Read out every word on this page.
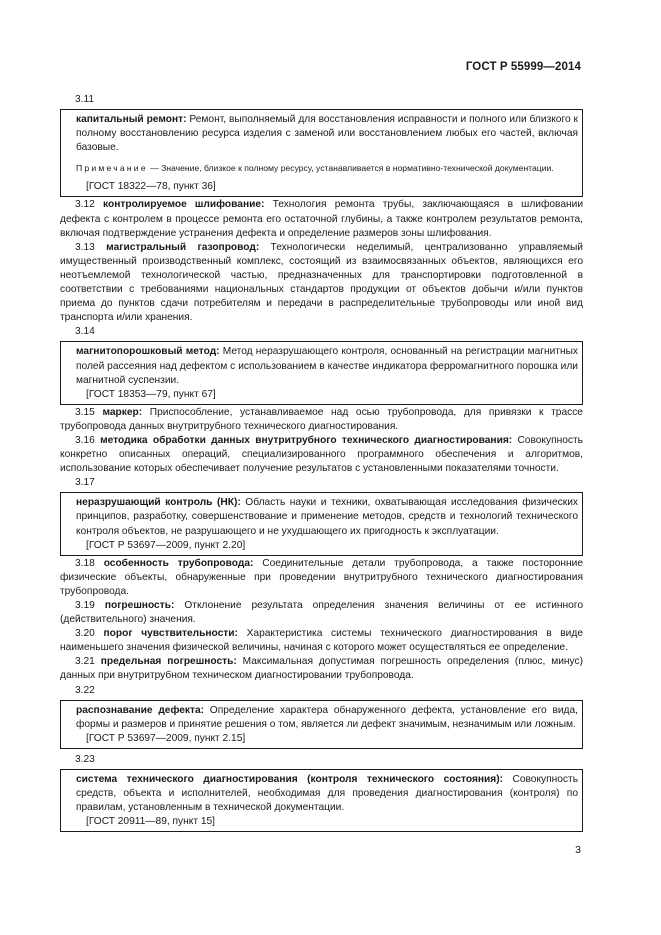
ГОСТ Р 55999—2014
3.11
капитальный ремонт: Ремонт, выполняемый для восстановления исправности и полного или близкого к полному восстановлению ресурса изделия с заменой или восстановлением любых его частей, включая базовые.
Примечание — Значение, близкое к полному ресурсу, устанавливается в нормативно-технической документации.
[ГОСТ 18322—78, пункт 36]
3.12 контролируемое шлифование: Технология ремонта трубы, заключающаяся в шлифовании дефекта с контролем в процессе ремонта его остаточной глубины, а также контролем результатов ремонта, включая подтверждение устранения дефекта и определение размеров зоны шлифования.
3.13 магистральный газопровод: Технологически неделимый, централизованно управляемый имущественный производственный комплекс, состоящий из взаимосвязанных объектов, являющихся его неотъемлемой технологической частью, предназначенных для транспортировки подготовленной в соответствии с требованиями национальных стандартов продукции от объектов добычи и/или пунктов приема до пунктов сдачи потребителям и передачи в распределительные трубопроводы или иной вид транспорта и/или хранения.
3.14
магнитопорошковый метод: Метод неразрушающего контроля, основанный на регистрации магнитных полей рассеяния над дефектом с использованием в качестве индикатора ферромагнитного порошка или магнитной суспензии.
[ГОСТ 18353—79, пункт 67]
3.15 маркер: Приспособление, устанавливаемое над осью трубопровода, для привязки к трассе трубопровода данных внутритрубного технического диагностирования.
3.16 методика обработки данных внутритрубного технического диагностирования: Совокупность конкретно описанных операций, специализированного программного обеспечения и алгоритмов, использование которых обеспечивает получение результатов с установленными показателями точности.
3.17
неразрушающий контроль (НК): Область науки и техники, охватывающая исследования физических принципов, разработку, совершенствование и применение методов, средств и технологий технического контроля объектов, не разрушающего и не ухудшающего их пригодность к эксплуатации.
[ГОСТ Р 53697—2009, пункт 2.20]
3.18 особенность трубопровода: Соединительные детали трубопровода, а также посторонние физические объекты, обнаруженные при проведении внутритрубного технического диагностирования трубопровода.
3.19 погрешность: Отклонение результата определения значения величины от ее истинного (действительного) значения.
3.20 порог чувствительности: Характеристика системы технического диагностирования в виде наименьшего значения физической величины, начиная с которого может осуществляться ее определение.
3.21 предельная погрешность: Максимальная допустимая погрешность определения (плюс, минус) данных при внутритрубном техническом диагностировании трубопровода.
3.22
распознавание дефекта: Определение характера обнаруженного дефекта, установление его вида, формы и размеров и принятие решения о том, является ли дефект значимым, незначимым или ложным.
[ГОСТ Р 53697—2009, пункт 2.15]
3.23
система технического диагностирования (контроля технического состояния): Совокупность средств, объекта и исполнителей, необходимая для проведения диагностирования (контроля) по правилам, установленным в технической документации.
[ГОСТ 20911—89, пункт 15]
3
